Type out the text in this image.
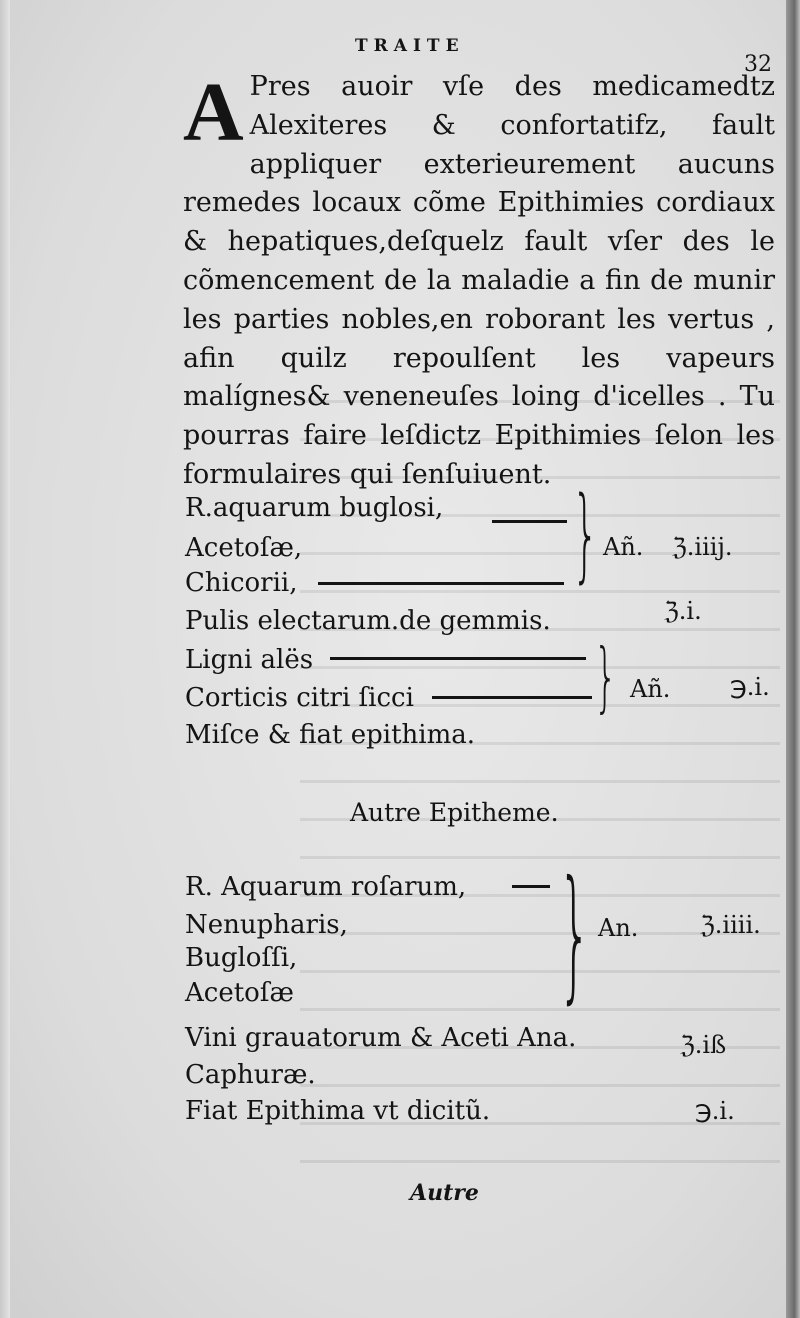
TRAITE
32
A Pres auoir vſe des medicamedtz Alexiteres & confortatifz, fault appliquer exterieurement aucuns remedes locaux cõme Epithimies cordiaux & hepatiques,deſquelz fault vſer des le cõmencement de la maladie a fin de munir les parties nobles,en roborant les vertus , afin quilz repoulſent les vapeurs malígnes& veneneuſes loing d'icelles . Tu pourras faire leſdictz Epithimies ſelon les formulaires qui ſenſuiuent.
R.aquarum buglosi,
Acetoſæ,
Chicorii,
Pulis electarum.de gemmis.
Ligni alës
Corticis citri ſicci
Miſce & fiat epithima.
} Añ. ℨ.iiij.
ℨ.i.
} Añ. ℈.i.
Autre Epitheme.
R. Aquarum roſarum,
Nenupharis,
Bugloſſi,
Acetoſæ
Vini grauatorum & Aceti Ana.
Caphuræ.
Fiat Epithima vt dicitũ.
} An.	ℨ.iiii.
ℨ.iß
℈.i.
Autre
